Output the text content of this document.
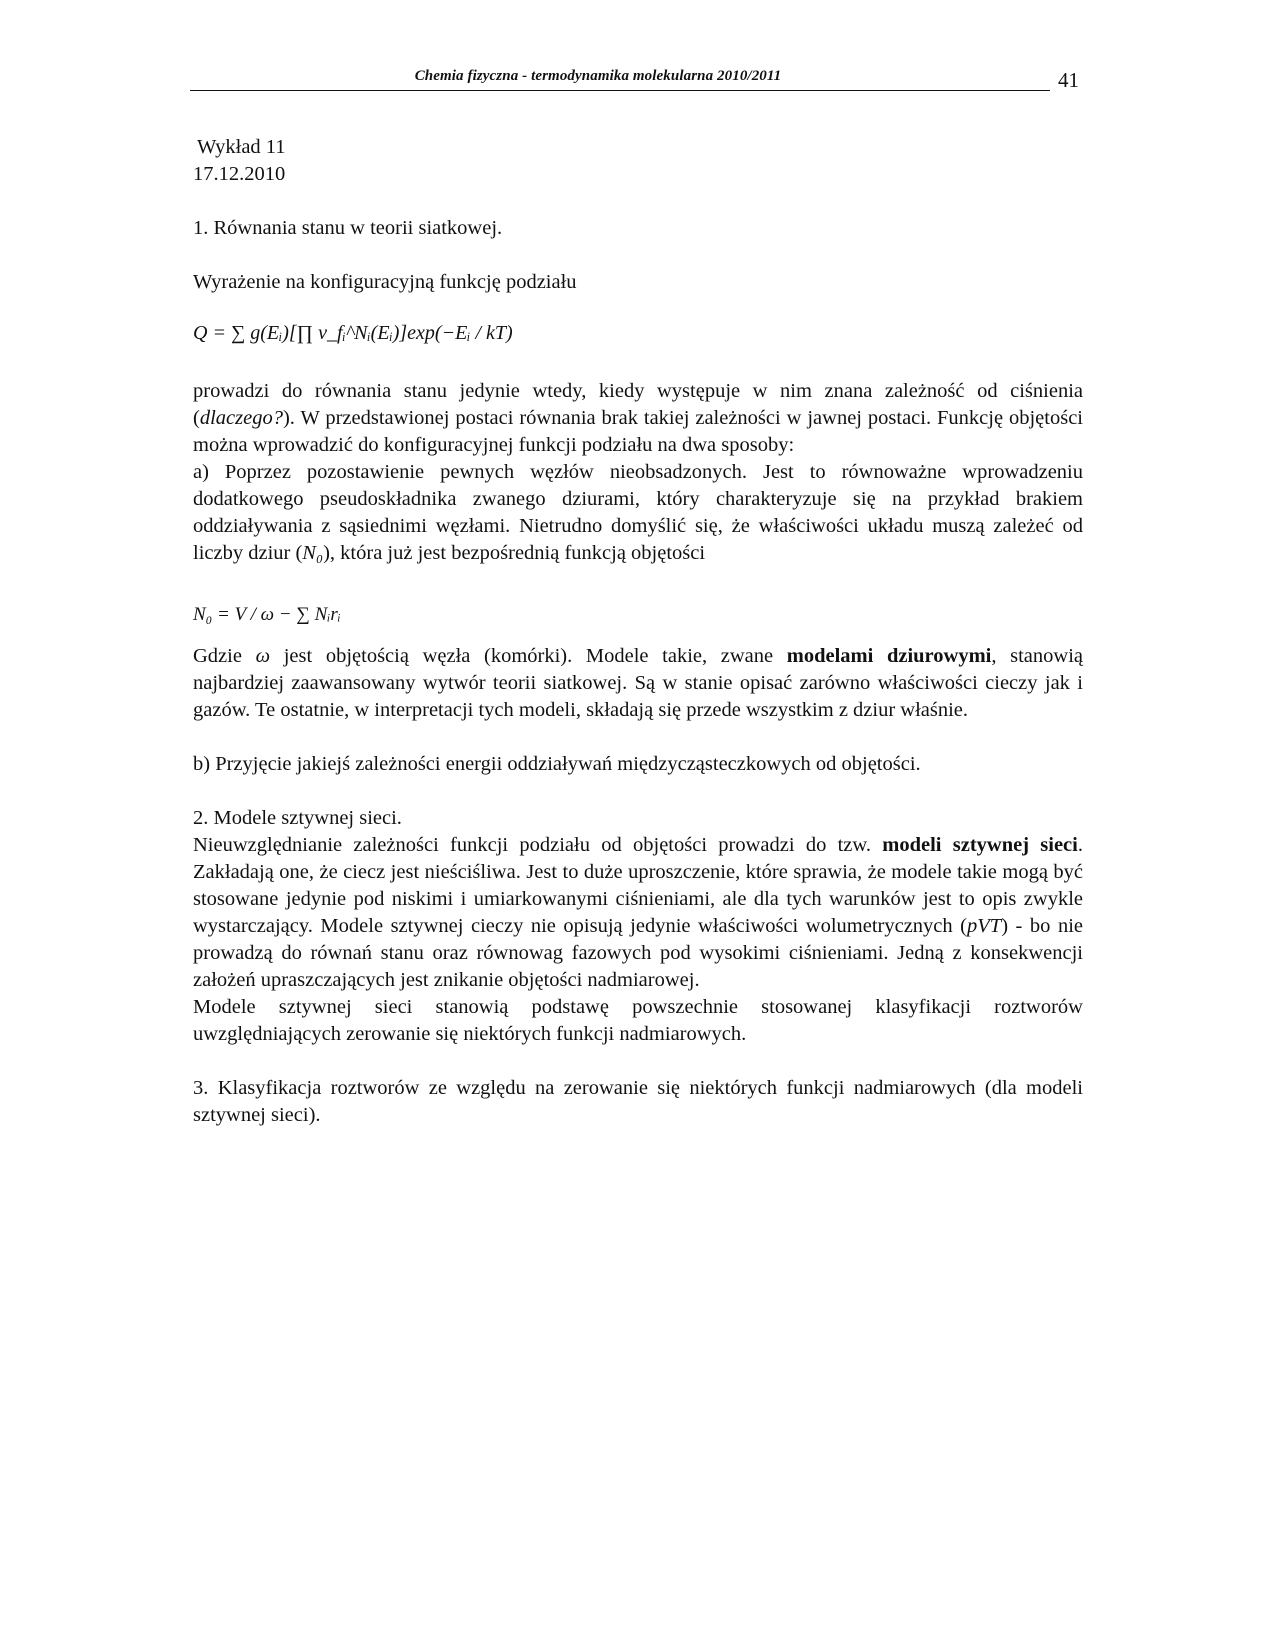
Chemia fizyczna - termodynamika molekularna 2010/2011	41
Wykład 11
17.12.2010

1. Równania stanu w teorii siatkowej.

Wyrażenie na konfiguracyjną funkcję podziału

Q = ∑ g(Eᵢ)[∏ v_fᵢ^Nᵢ(Eᵢ)]exp(−Eᵢ / kT)

prowadzi do równania stanu jedynie wtedy, kiedy występuje w nim znana zależność od ciśnienia (dlaczego?). W przedstawionej postaci równania brak takiej zależności w jawnej postaci. Funkcję objętości można wprowadzić do konfiguracyjnej funkcji podziału na dwa sposoby:

a) Poprzez pozostawienie pewnych węzłów nieobsadzonych. Jest to równoważne wprowadzeniu dodatkowego pseudoskładnika zwanego dziurami, który charakteryzuje się na przykład brakiem oddziaływania z sąsiednimi węzłami. Nietrudno domyślić się, że właściwości układu muszą zależeć od liczby dziur (N₀), która już jest bezpośrednią funkcją objętości

N₀ = V / ω − ∑ Nᵢrᵢ

Gdzie ω jest objętością węzła (komórki). Modele takie, zwane modelami dziurowymi, stanowią najbardziej zaawansowany wytwór teorii siatkowej. Są w stanie opisać zarówno właściwości cieczy jak i gazów. Te ostatnie, w interpretacji tych modeli, składają się przede wszystkim z dziur właśnie.

b) Przyjęcie jakiejś zależności energii oddziaływań międzycząsteczkowych od objętości.

2. Modele sztywnej sieci.

Nieuwzględnianie zależności funkcji podziału od objętości prowadzi do tzw. modeli sztywnej sieci. Zakładają one, że ciecz jest nieściśliwa. Jest to duże uproszczenie, które sprawia, że modele takie mogą być stosowane jedynie pod niskimi i umiarkowanymi ciśnieniami, ale dla tych warunków jest to opis zwykle wystarczający. Modele sztywnej cieczy nie opisują jedynie właściwości wolumetrycznych (pVT) - bo nie prowadzą do równań stanu oraz równowag fazowych pod wysokimi ciśnieniami. Jedną z konsekwencji założeń upraszczających jest znikanie objętości nadmiarowej.

Modele sztywnej sieci stanowią podstawę powszechnie stosowanej klasyfikacji roztworów uwzględniających zerowanie się niektórych funkcji nadmiarowych.

3. Klasyfikacja roztworów ze względu na zerowanie się niektórych funkcji nadmiarowych (dla modeli sztywnej sieci).
